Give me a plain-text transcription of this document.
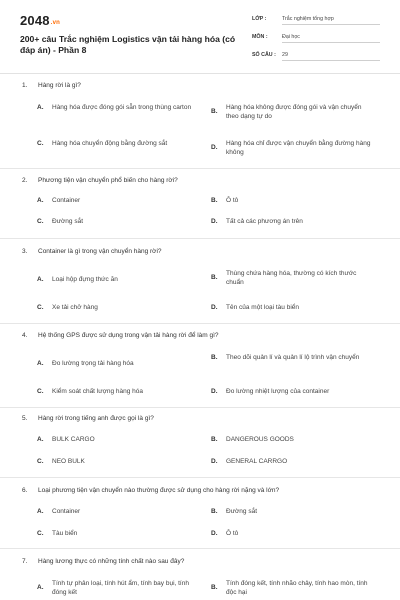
2048.vn
200+ câu Trắc nghiệm Logistics vận tải hàng hóa (có đáp án) - Phần 8
LỚP :	Trắc nghiệm tổng hợp
MÔN :	Đại học
SỐ CÂU :	29
1.	Hàng rời là gì?
A.	Hàng hóa được đóng gói sẵn trong thùng carton
B.
Hàng hóa không được đóng gói và vận chuyển theo dạng tự do
C.	Hàng hóa chuyển động bằng đường sắt
D.
Hàng hóa chỉ được vận chuyển bằng đường hàng không
2.	Phương tiện vận chuyển phổ biến cho hàng rời?
A.	Container	B.	Ô tô
C.	Đường sắt	D.	Tất cả các phương án trên
3.	Container là gì trong vận chuyển hàng rời?
A.	Loại hộp đựng thức ăn	B.
Thùng chứa hàng hóa, thường có kích thước chuẩn
C.	Xe tải chở hàng	D.	Tên của một loại tàu biển
4.	Hệ thống GPS được sử dụng trong vận tải hàng rời để làm gì?
A.	Đo lường trọng tải hàng hóa
B.	Theo dõi quản lí và quản lí lộ trình vận chuyển
C.	Kiểm soát chất lượng hàng hóa	D.	Đo lường nhiệt lượng của container
5.	Hàng rời trong tiếng anh được gọi là gì?
A.	BULK CARGO	B.	DANGEROUS GOODS
C.	NEO BULK	D.	GENERAL CARRGO
6.	Loại phương tiện vận chuyển nào thường được sử dụng cho hàng rời nặng và lớn?
A.	Container	B.	Đường sắt
C.	Tàu biển	D.	Ô tô
7.	Hàng lương thực có những tính chất nào sau đây?
A.
Tính tự phân loại, tính hút ẩm, tính bay bụi, tính đóng kết
B.
Tính đóng kết, tính nhão chảy, tính hao mòn, tính độc hại
